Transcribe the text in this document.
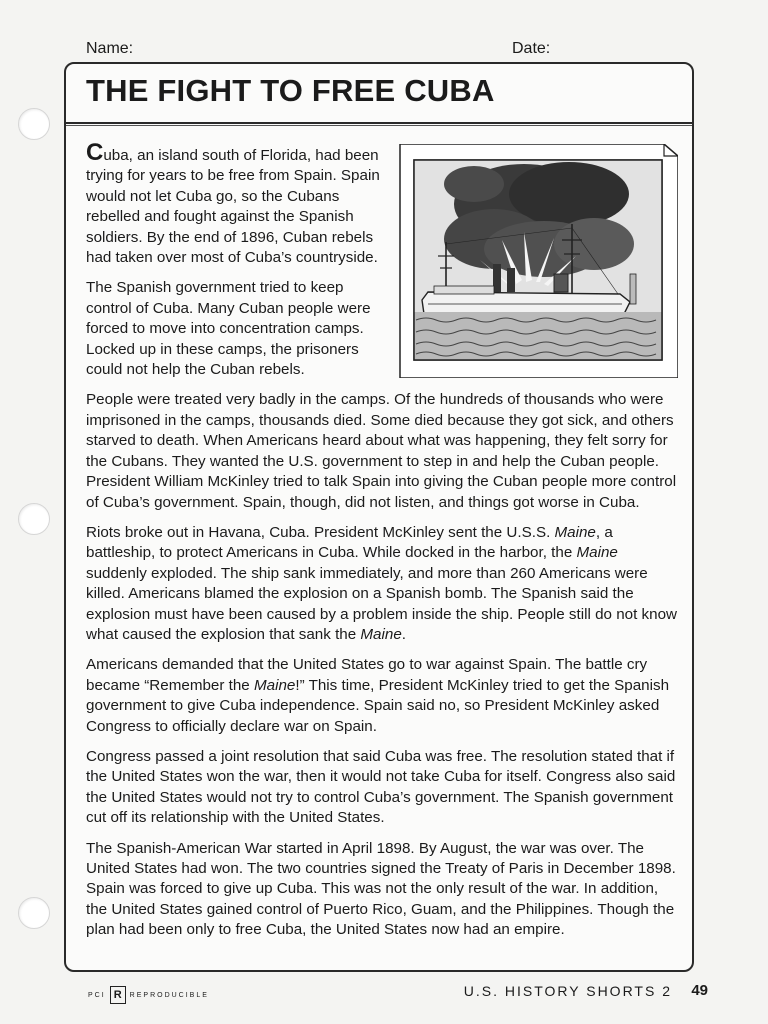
Name:	Date:
THE FIGHT TO FREE CUBA

Cuba, an island south of Florida, had been trying for years to be free from Spain. Spain would not let Cuba go, so the Cubans rebelled and fought against the Spanish soldiers. By the end of 1896, Cuban rebels had taken over most of Cuba’s countryside.

The Spanish government tried to keep control of Cuba. Many Cuban people were forced to move into concentration camps. Locked up in these camps, the prisoners could not help the Cuban rebels.

People were treated very badly in the camps. Of the hundreds of thousands who were imprisoned in the camps, thousands died. Some died because they got sick, and others starved to death. When Americans heard about what was happening, they felt sorry for the Cubans. They wanted the U.S. government to step in and help the Cuban people. President William McKinley tried to talk Spain into giving the Cuban people more control of Cuba’s government. Spain, though, did not listen, and things got worse in Cuba.

Riots broke out in Havana, Cuba. President McKinley sent the U.S.S. Maine, a battleship, to protect Americans in Cuba. While docked in the harbor, the Maine suddenly exploded. The ship sank immediately, and more than 260 Americans were killed. Americans blamed the explosion on a Spanish bomb. The Spanish said the explosion must have been caused by a problem inside the ship. People still do not know what caused the explosion that sank the Maine.

Americans demanded that the United States go to war against Spain. The battle cry became “Remember the Maine!” This time, President McKinley tried to get the Spanish government to give Cuba independence. Spain said no, so President McKinley asked Congress to officially declare war on Spain.

Congress passed a joint resolution that said Cuba was free. The resolution stated that if the United States won the war, then it would not take Cuba for itself. Congress also said the United States would not try to control Cuba’s government. The Spanish government cut off its relationship with the United States.

The Spanish-American War started in April 1898. By August, the war was over. The United States had won. The two countries signed the Treaty of Paris in December 1898. Spain was forced to give up Cuba. This was not the only result of the war. In addition, the United States gained control of Puerto Rico, Guam, and the Philippines. Though the plan had been only to free Cuba, the United States now had an empire.

PCI R	REPRODUCIBLE	U.S. HISTORY SHORTS 2 49
